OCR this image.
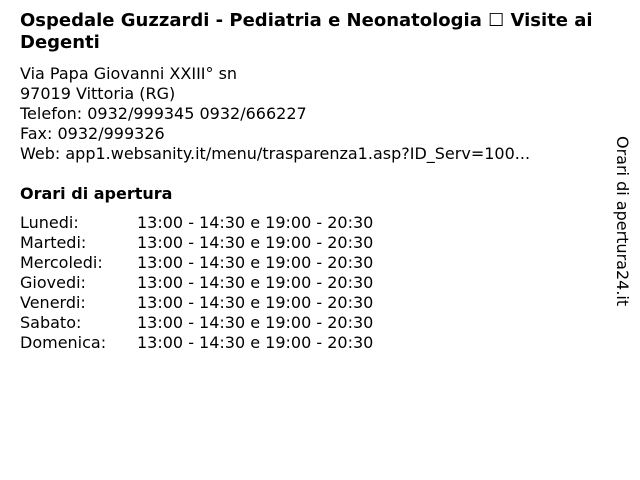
Ospedale Guzzardi - Pediatria e Neonatologia ☐ Visite ai Degenti
Via Papa Giovanni XXIII° sn
97019 Vittoria (RG)
Telefon: 0932/999345 0932/666227
Fax: 0932/999326
Web: app1.websanity.it/menu/trasparenza1.asp?ID_Serv=100...
Orari di apertura
Lunedi:	13:00 - 14:30 e 19:00 - 20:30
Martedi:	13:00 - 14:30 e 19:00 - 20:30
Mercoledi:	13:00 - 14:30 e 19:00 - 20:30
Giovedi:	13:00 - 14:30 e 19:00 - 20:30
Venerdi:	13:00 - 14:30 e 19:00 - 20:30
Sabato:	13:00 - 14:30 e 19:00 - 20:30
Domenica:	13:00 - 14:30 e 19:00 - 20:30
Orari di apertura24.it
